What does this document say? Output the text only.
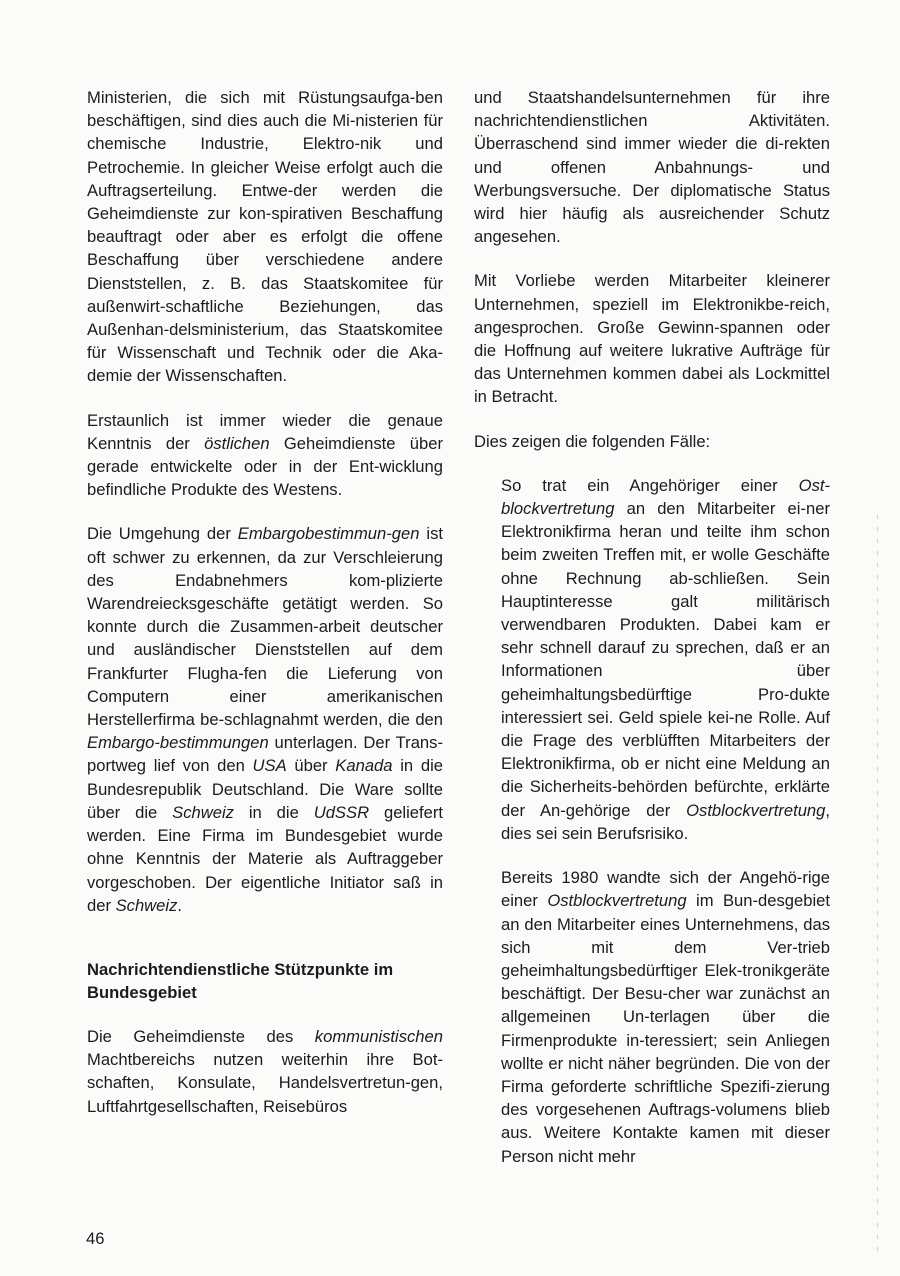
Ministerien, die sich mit Rüstungsaufga-ben beschäftigen, sind dies auch die Mi-nisterien für chemische Industrie, Elektro-nik und Petrochemie. In gleicher Weise erfolgt auch die Auftragserteilung. Entwe-der werden die Geheimdienste zur kon-spirativen Beschaffung beauftragt oder aber es erfolgt die offene Beschaffung über verschiedene andere Dienststellen, z. B. das Staatskomitee für außenwirt-schaftliche Beziehungen, das Außenhan-delsministerium, das Staatskomitee für Wissenschaft und Technik oder die Aka-demie der Wissenschaften.

Erstaunlich ist immer wieder die genaue Kenntnis der östlichen Geheimdienste über gerade entwickelte oder in der Ent-wicklung befindliche Produkte des Westens.

Die Umgehung der Embargobestimmun-gen ist oft schwer zu erkennen, da zur Verschleierung des Endabnehmers kom-plizierte Warendreiecksgeschäfte getätigt werden. So konnte durch die Zusammen-arbeit deutscher und ausländischer Dienststellen auf dem Frankfurter Flugha-fen die Lieferung von Computern einer amerikanischen Herstellerfirma be-schlagnahmt werden, die den Embargo-bestimmungen unterlagen. Der Trans-portweg lief von den USA über Kanada in die Bundesrepublik Deutschland. Die Ware sollte über die Schweiz in die UdSSR geliefert werden. Eine Firma im Bundesgebiet wurde ohne Kenntnis der Materie als Auftraggeber vorgeschoben. Der eigentliche Initiator saß in der Schweiz.

Nachrichtendienstliche Stützpunkte im Bundesgebiet

Die Geheimdienste des kommunistischen Machtbereichs nutzen weiterhin ihre Bot-schaften, Konsulate, Handelsvertretun-gen, Luftfahrtgesellschaften, Reisebüros

und Staatshandelsunternehmen für ihre nachrichtendienstlichen Aktivitäten. Überraschend sind immer wieder die di-rekten und offenen Anbahnungs- und Werbungsversuche. Der diplomatische Status wird hier häufig als ausreichender Schutz angesehen.

Mit Vorliebe werden Mitarbeiter kleinerer Unternehmen, speziell im Elektronikbe-reich, angesprochen. Große Gewinn-spannen oder die Hoffnung auf weitere lukrative Aufträge für das Unternehmen kommen dabei als Lockmittel in Betracht.

Dies zeigen die folgenden Fälle:

So trat ein Angehöriger einer Ost-blockvertretung an den Mitarbeiter ei-ner Elektronikfirma heran und teilte ihm schon beim zweiten Treffen mit, er wolle Geschäfte ohne Rechnung ab-schließen. Sein Hauptinteresse galt militärisch verwendbaren Produkten. Dabei kam er sehr schnell darauf zu sprechen, daß er an Informationen über geheimhaltungsbedürftige Pro-dukte interessiert sei. Geld spiele kei-ne Rolle. Auf die Frage des verblüfften Mitarbeiters der Elektronikfirma, ob er nicht eine Meldung an die Sicherheits-behörden befürchte, erklärte der An-gehörige der Ostblockvertretung, dies sei sein Berufsrisiko.

Bereits 1980 wandte sich der Angehö-rige einer Ostblockvertretung im Bun-desgebiet an den Mitarbeiter eines Unternehmens, das sich mit dem Ver-trieb geheimhaltungsbedürftiger Elek-tronikgeräte beschäftigt. Der Besu-cher war zunächst an allgemeinen Un-terlagen über die Firmenprodukte in-teressiert; sein Anliegen wollte er nicht näher begründen. Die von der Firma geforderte schriftliche Spezifi-zierung des vorgesehenen Auftrags-volumens blieb aus. Weitere Kontakte kamen mit dieser Person nicht mehr

46
